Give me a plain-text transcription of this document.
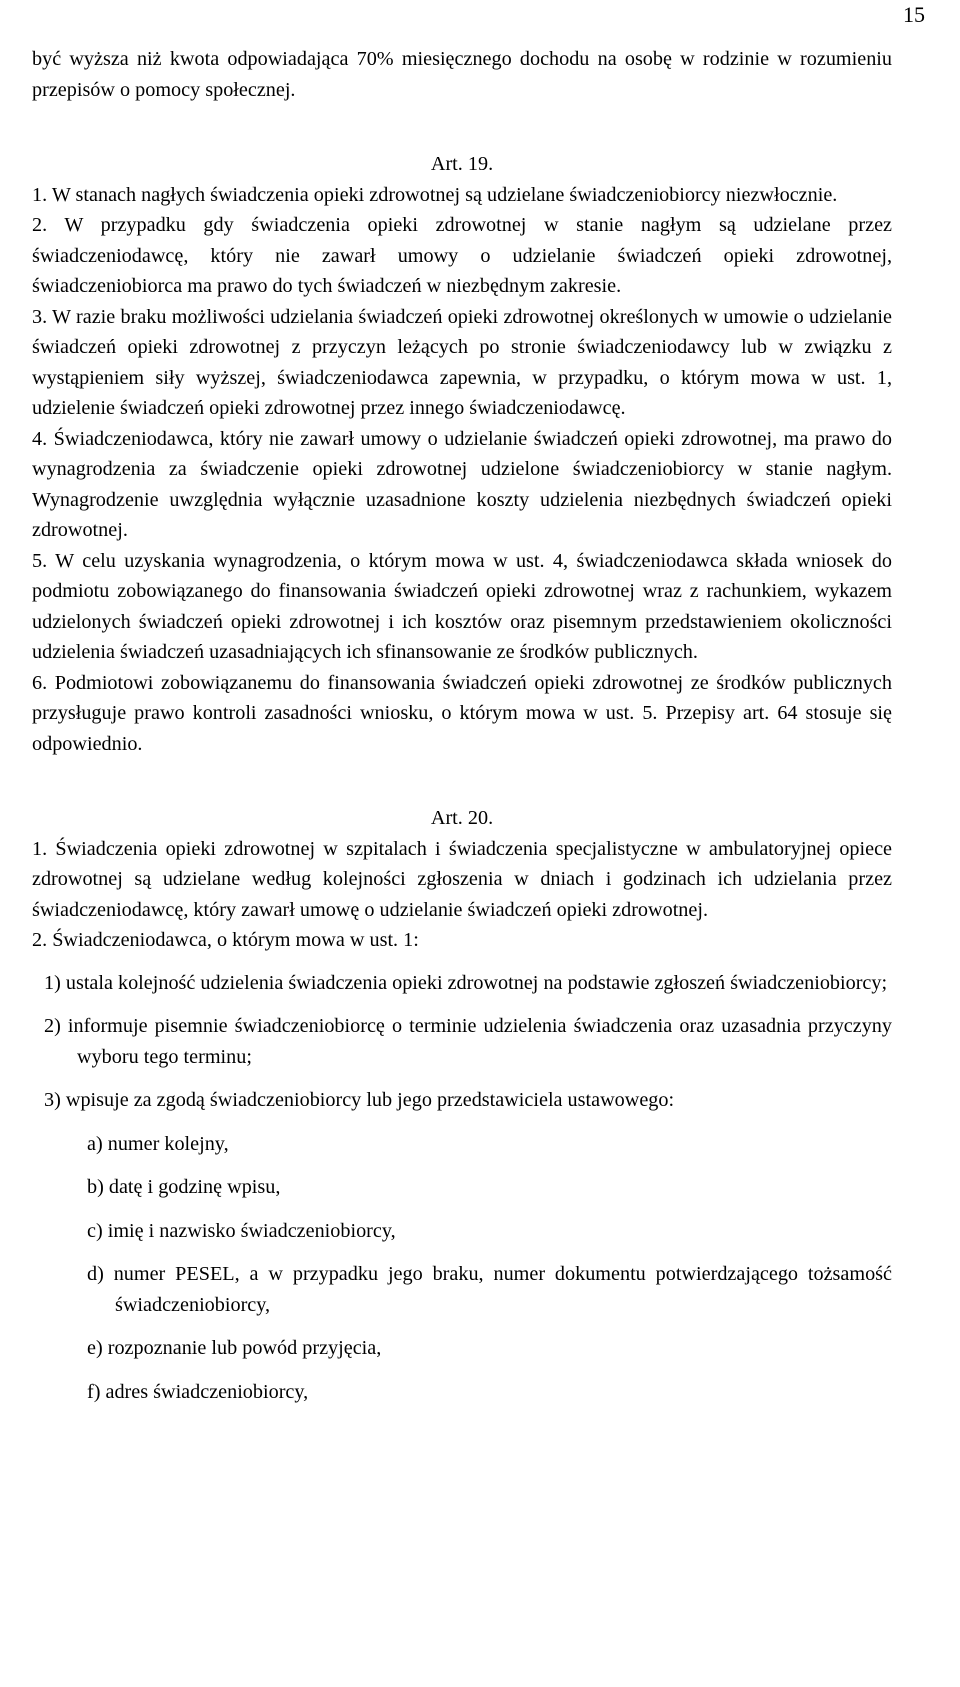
15

być wyższa niż kwota odpowiadająca 70% miesięcznego dochodu na osobę w rodzinie w rozumieniu przepisów o pomocy społecznej.

Art. 19.

1. W stanach nagłych świadczenia opieki zdrowotnej są udzielane świadczeniobiorcy niezwłocznie.

2. W przypadku gdy świadczenia opieki zdrowotnej w stanie nagłym są udzielane przez świadczeniodawcę, który nie zawarł umowy o udzielanie świadczeń opieki zdrowotnej, świadczeniobiorca ma prawo do tych świadczeń w niezbędnym zakresie.

3. W razie braku możliwości udzielania świadczeń opieki zdrowotnej określonych w umowie o udzielanie świadczeń opieki zdrowotnej z przyczyn leżących po stronie świadczeniodawcy lub w związku z wystąpieniem siły wyższej, świadczeniodawca zapewnia, w przypadku, o którym mowa w ust. 1, udzielenie świadczeń opieki zdrowotnej przez innego świadczeniodawcę.

4. Świadczeniodawca, który nie zawarł umowy o udzielanie świadczeń opieki zdrowotnej, ma prawo do wynagrodzenia za świadczenie opieki zdrowotnej udzielone świadczeniobiorcy w stanie nagłym. Wynagrodzenie uwzględnia wyłącznie uzasadnione koszty udzielenia niezbędnych świadczeń opieki zdrowotnej.

5. W celu uzyskania wynagrodzenia, o którym mowa w ust. 4, świadczeniodawca składa wniosek do podmiotu zobowiązanego do finansowania świadczeń opieki zdrowotnej wraz z rachunkiem, wykazem udzielonych świadczeń opieki zdrowotnej i ich kosztów oraz pisemnym przedstawieniem okoliczności udzielenia świadczeń uzasadniających ich sfinansowanie ze środków publicznych.

6. Podmiotowi zobowiązanemu do finansowania świadczeń opieki zdrowotnej ze środków publicznych przysługuje prawo kontroli zasadności wniosku, o którym mowa w ust. 5. Przepisy art. 64 stosuje się odpowiednio.

Art. 20.

1. Świadczenia opieki zdrowotnej w szpitalach i świadczenia specjalistyczne w ambulatoryjnej opiece zdrowotnej są udzielane według kolejności zgłoszenia w dniach i godzinach ich udzielania przez świadczeniodawcę, który zawarł umowę o udzielanie świadczeń opieki zdrowotnej.

2. Świadczeniodawca, o którym mowa w ust. 1:

1) ustala kolejność udzielenia świadczenia opieki zdrowotnej na podstawie zgłoszeń świadczeniobiorcy;

2) informuje pisemnie świadczeniobiorcę o terminie udzielenia świadczenia oraz uzasadnia przyczyny wyboru tego terminu;

3) wpisuje za zgodą świadczeniobiorcy lub jego przedstawiciela ustawowego:

a) numer kolejny,

b) datę i godzinę wpisu,

c) imię i nazwisko świadczeniobiorcy,

d) numer PESEL, a w przypadku jego braku, numer dokumentu potwierdzającego tożsamość świadczeniobiorcy,

e) rozpoznanie lub powód przyjęcia,

f) adres świadczeniobiorcy,
